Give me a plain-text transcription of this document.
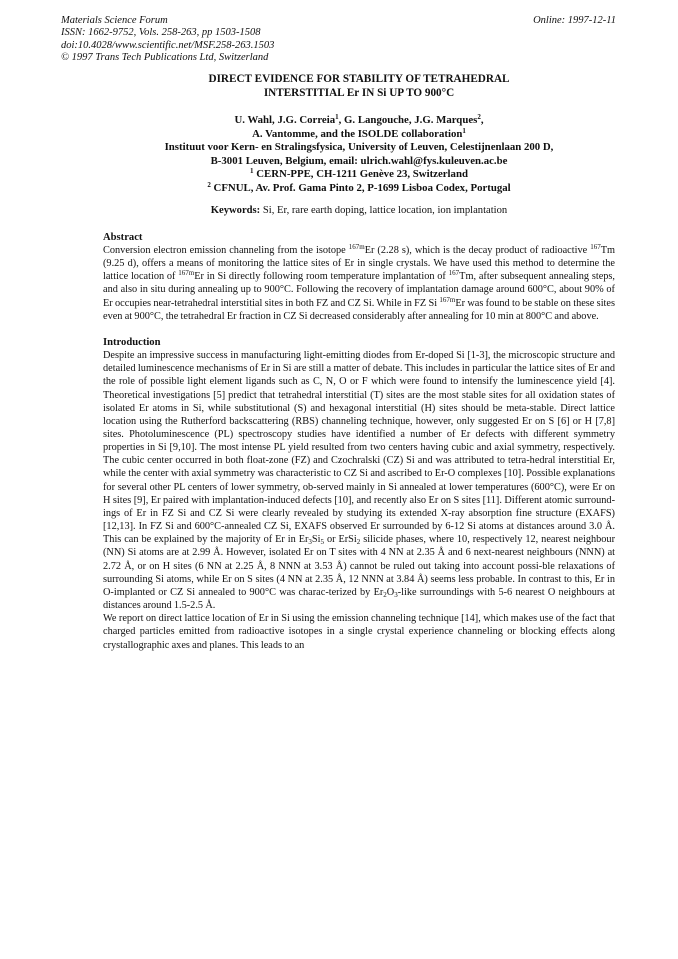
Materials Science Forum
ISSN: 1662-9752, Vols. 258-263, pp 1503-1508
doi:10.4028/www.scientific.net/MSF.258-263.1503
© 1997 Trans Tech Publications Ltd, Switzerland
Online: 1997-12-11
DIRECT EVIDENCE FOR STABILITY OF TETRAHEDRAL
INTERSTITIAL Er IN Si UP TO 900°C
U. Wahl, J.G. Correia$^1$, G. Langouche, J.G. Marques$^2$,
A. Vantomme, and the ISOLDE collaboration$^1$
Instituut voor Kern- en Stralingsfysica, University of Leuven, Celestijnenlaan 200 D,
B-3001 Leuven, Belgium, email: ulrich.wahl@fys.kuleuven.ac.be
$^1$ CERN-PPE, CH-1211 Genève 23, Switzerland
$^2$ CFNUL, Av. Prof. Gama Pinto 2, P-1699 Lisboa Codex, Portugal
Keywords: Si, Er, rare earth doping, lattice location, ion implantation
Abstract

Conversion electron emission channeling from the isotope $^{167m}$Er (2.28 s), which is the decay product of radioactive $^{167}$Tm (9.25 d), offers a means of monitoring the lattice sites of Er in single crystals. We have used this method to determine the lattice location of $^{167m}$Er in Si directly following room temperature implantation of $^{167}$Tm, after subsequent annealing steps, and also in situ during annealing up to 900°C. Following the recovery of implantation damage around 600°C, about 90% of Er occupies near-tetrahedral interstitial sites in both FZ and CZ Si. While in FZ Si $^{167m}$Er was found to be stable on these sites even at 900°C, the tetrahedral Er fraction in CZ Si decreased considerably after annealing for 10 min at 800°C and above.

Introduction

Despite an impressive success in manufacturing light-emitting diodes from Er-doped Si [1-3], the microscopic structure and detailed luminescence mechanisms of Er in Si are still a matter of debate. This includes in particular the lattice sites of Er and the role of possible light element ligands such as C, N, O or F which were found to intensify the luminescence yield [4]. Theoretical investigations [5] predict that tetrahedral interstitial (T) sites are the most stable sites for all oxidation states of isolated Er atoms in Si, while substitutional (S) and hexagonal interstitial (H) sites should be meta-stable. Direct lattice location using the Rutherford backscattering (RBS) channeling technique, however, only suggested Er on S [6] or H [7,8] sites. Photoluminescence (PL) spectroscopy studies have identified a number of Er defects with different symmetry properties in Si [9,10]. The most intense PL yield resulted from two centers having cubic and axial symmetry, respectively. The cubic center occurred in both float-zone (FZ) and Czochralski (CZ) Si and was attributed to tetra-hedral interstitial Er, while the center with axial symmetry was characteristic to CZ Si and ascribed to Er-O complexes [10]. Possible explanations for several other PL centers of lower symmetry, ob-served mainly in Si annealed at lower temperatures (600°C), were Er on H sites [9], Er paired with implantation-induced defects [10], and recently also Er on S sites [11]. Different atomic surround-ings of Er in FZ Si and CZ Si were clearly revealed by studying its extended X-ray absorption fine structure (EXAFS) [12,13]. In FZ Si and 600°C-annealed CZ Si, EXAFS observed Er surrounded by 6-12 Si atoms at distances around 3.0 Å. This can be explained by the majority of Er in $Er_3Si_5$ or ErSi$_2$ silicide phases, where 10, respectively 12, nearest neighbour (NN) Si atoms are at 2.99 Å. However, isolated Er on T sites with 4 NN at 2.35 Å and 6 next-nearest neighbours (NNN) at 2.72 Å, or on H sites (6 NN at 2.25 Å, 8 NNN at 3.53 Å) cannot be ruled out taking into account possi-ble relaxations of surrounding Si atoms, while Er on S sites (4 NN at 2.35 Å, 12 NNN at 3.84 Å) seems less probable. In contrast to this, Er in O-implanted or CZ Si annealed to 900°C was charac-terized by $Er_2O_3$-like surroundings with 5-6 nearest O neighbours at distances around 1.5-2.5 Å.

We report on direct lattice location of Er in Si using the emission channeling technique [14], which makes use of the fact that charged particles emitted from radioactive isotopes in a single crystal experience channeling or blocking effects along crystallographic axes and planes. This leads to an
